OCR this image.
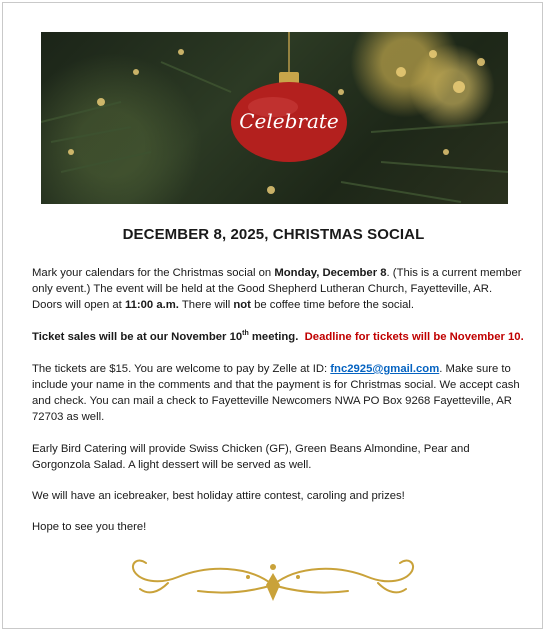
Celebrate
DECEMBER 8, 2025, CHRISTMAS SOCIAL
Mark your calendars for the Christmas social on Monday, December 8. (This is a current member only event.) The event will be held at the Good Shepherd Lutheran Church, Fayetteville, AR. Doors will open at 11:00 a.m. There will not be coffee time before the social.
Ticket sales will be at our November 10th meeting. Deadline for tickets will be November 10.
The tickets are $15. You are welcome to pay by Zelle at ID: fnc2925@gmail.com. Make sure to include your name in the comments and that the payment is for Christmas social. We accept cash and check. You can mail a check to Fayetteville Newcomers NWA PO Box 9268 Fayetteville, AR 72703 as well.
Early Bird Catering will provide Swiss Chicken (GF), Green Beans Almondine, Pear and Gorgonzola Salad. A light dessert will be served as well.
We will have an icebreaker, best holiday attire contest, caroling and prizes!
Hope to see you there!
